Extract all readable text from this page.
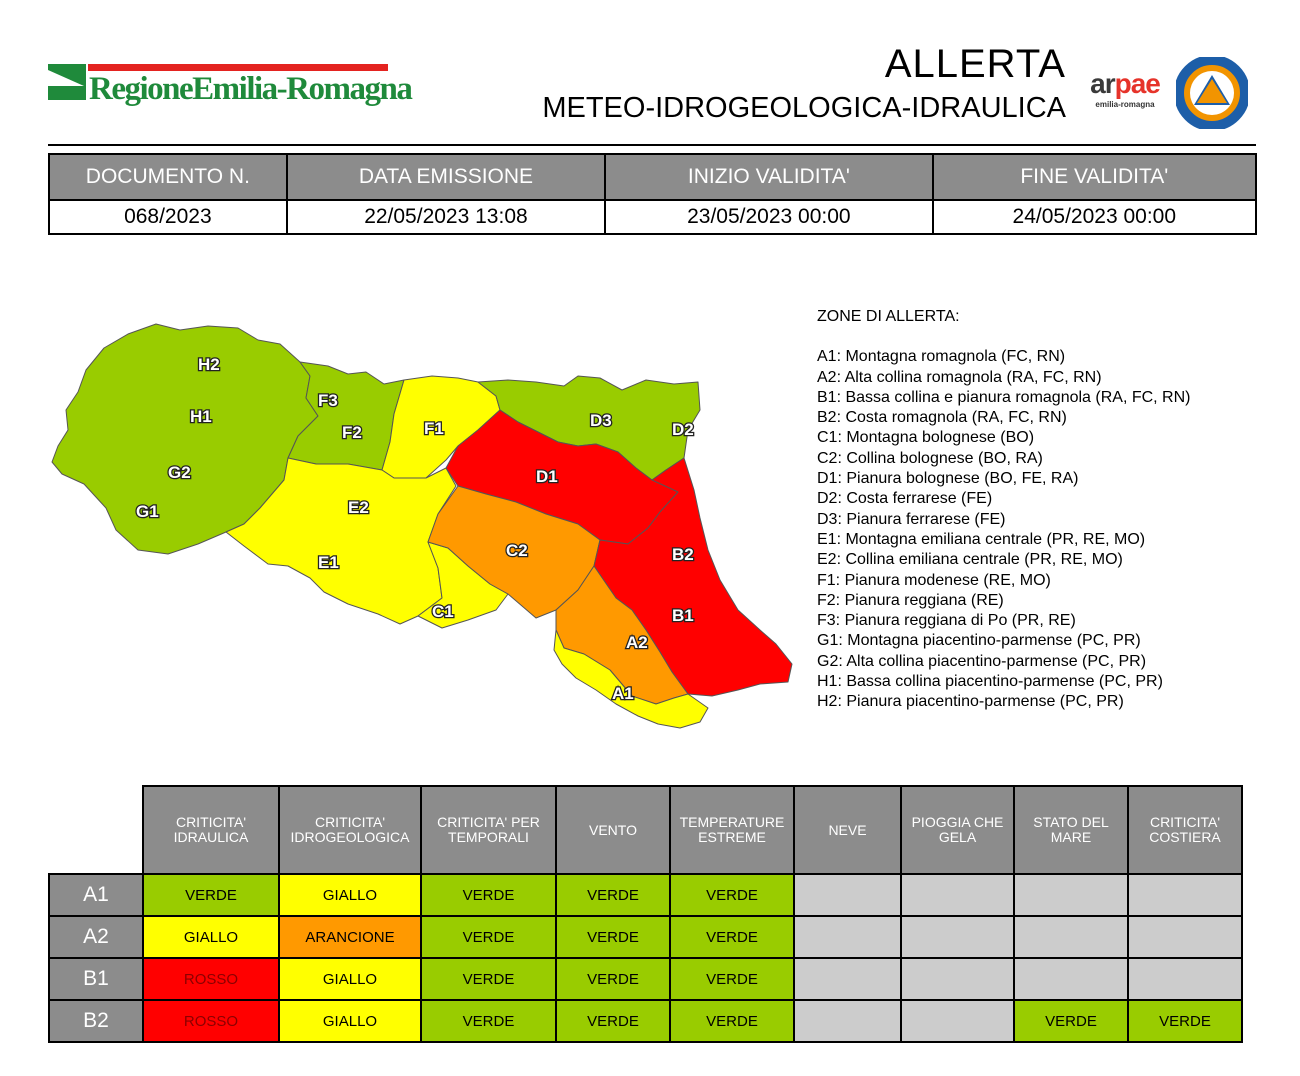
RegioneEmilia-Romagna
ALLERTA
METEO-IDROGEOLOGICA-IDRAULICA
arpae
emilia-romagna
DOCUMENTO N.	DATA EMISSIONE	INIZIO VALIDITA'	FINE VALIDITA'
068/2023	22/05/2023 13:08	23/05/2023 00:00	24/05/2023 00:00
H2
H1
G2
G1
F3
F2	F1
E2
E1
D3	D2
D1
C2
C1
B2
B1
A2
A1
ZONE DI ALLERTA:
A1: Montagna romagnola (FC, RN)
A2: Alta collina romagnola (RA, FC, RN)
B1: Bassa collina e pianura romagnola (RA, FC, RN)
B2: Costa romagnola (RA, FC, RN)
C1: Montagna bolognese (BO)
C2: Collina bolognese (BO, RA)
D1: Pianura bolognese (BO, FE, RA)
D2: Costa ferrarese (FE)
D3: Pianura ferrarese (FE)
E1: Montagna emiliana centrale (PR, RE, MO)
E2: Collina emiliana centrale (PR, RE, MO)
F1: Pianura modenese (RE, MO)
F2: Pianura reggiana (RE)
F3: Pianura reggiana di Po (PR, RE)
G1: Montagna piacentino-parmense (PC, PR)
G2: Alta collina piacentino-parmense (PC, PR)
H1: Bassa collina piacentino-parmense (PC, PR)
H2: Pianura piacentino-parmense (PC, PR)
	CRITICITA' IDRAULICA	CRITICITA' IDROGEOLOGICA	CRITICITA' PER TEMPORALI	VENTO	TEMPERATURE ESTREME	NEVE	PIOGGIA CHE GELA	STATO DEL MARE	CRITICITA' COSTIERA
A1	VERDE	GIALLO	VERDE	VERDE	VERDE				
A2	GIALLO	ARANCIONE	VERDE	VERDE	VERDE				
B1	ROSSO	GIALLO	VERDE	VERDE	VERDE				
B2	ROSSO	GIALLO	VERDE	VERDE	VERDE			VERDE	VERDE
